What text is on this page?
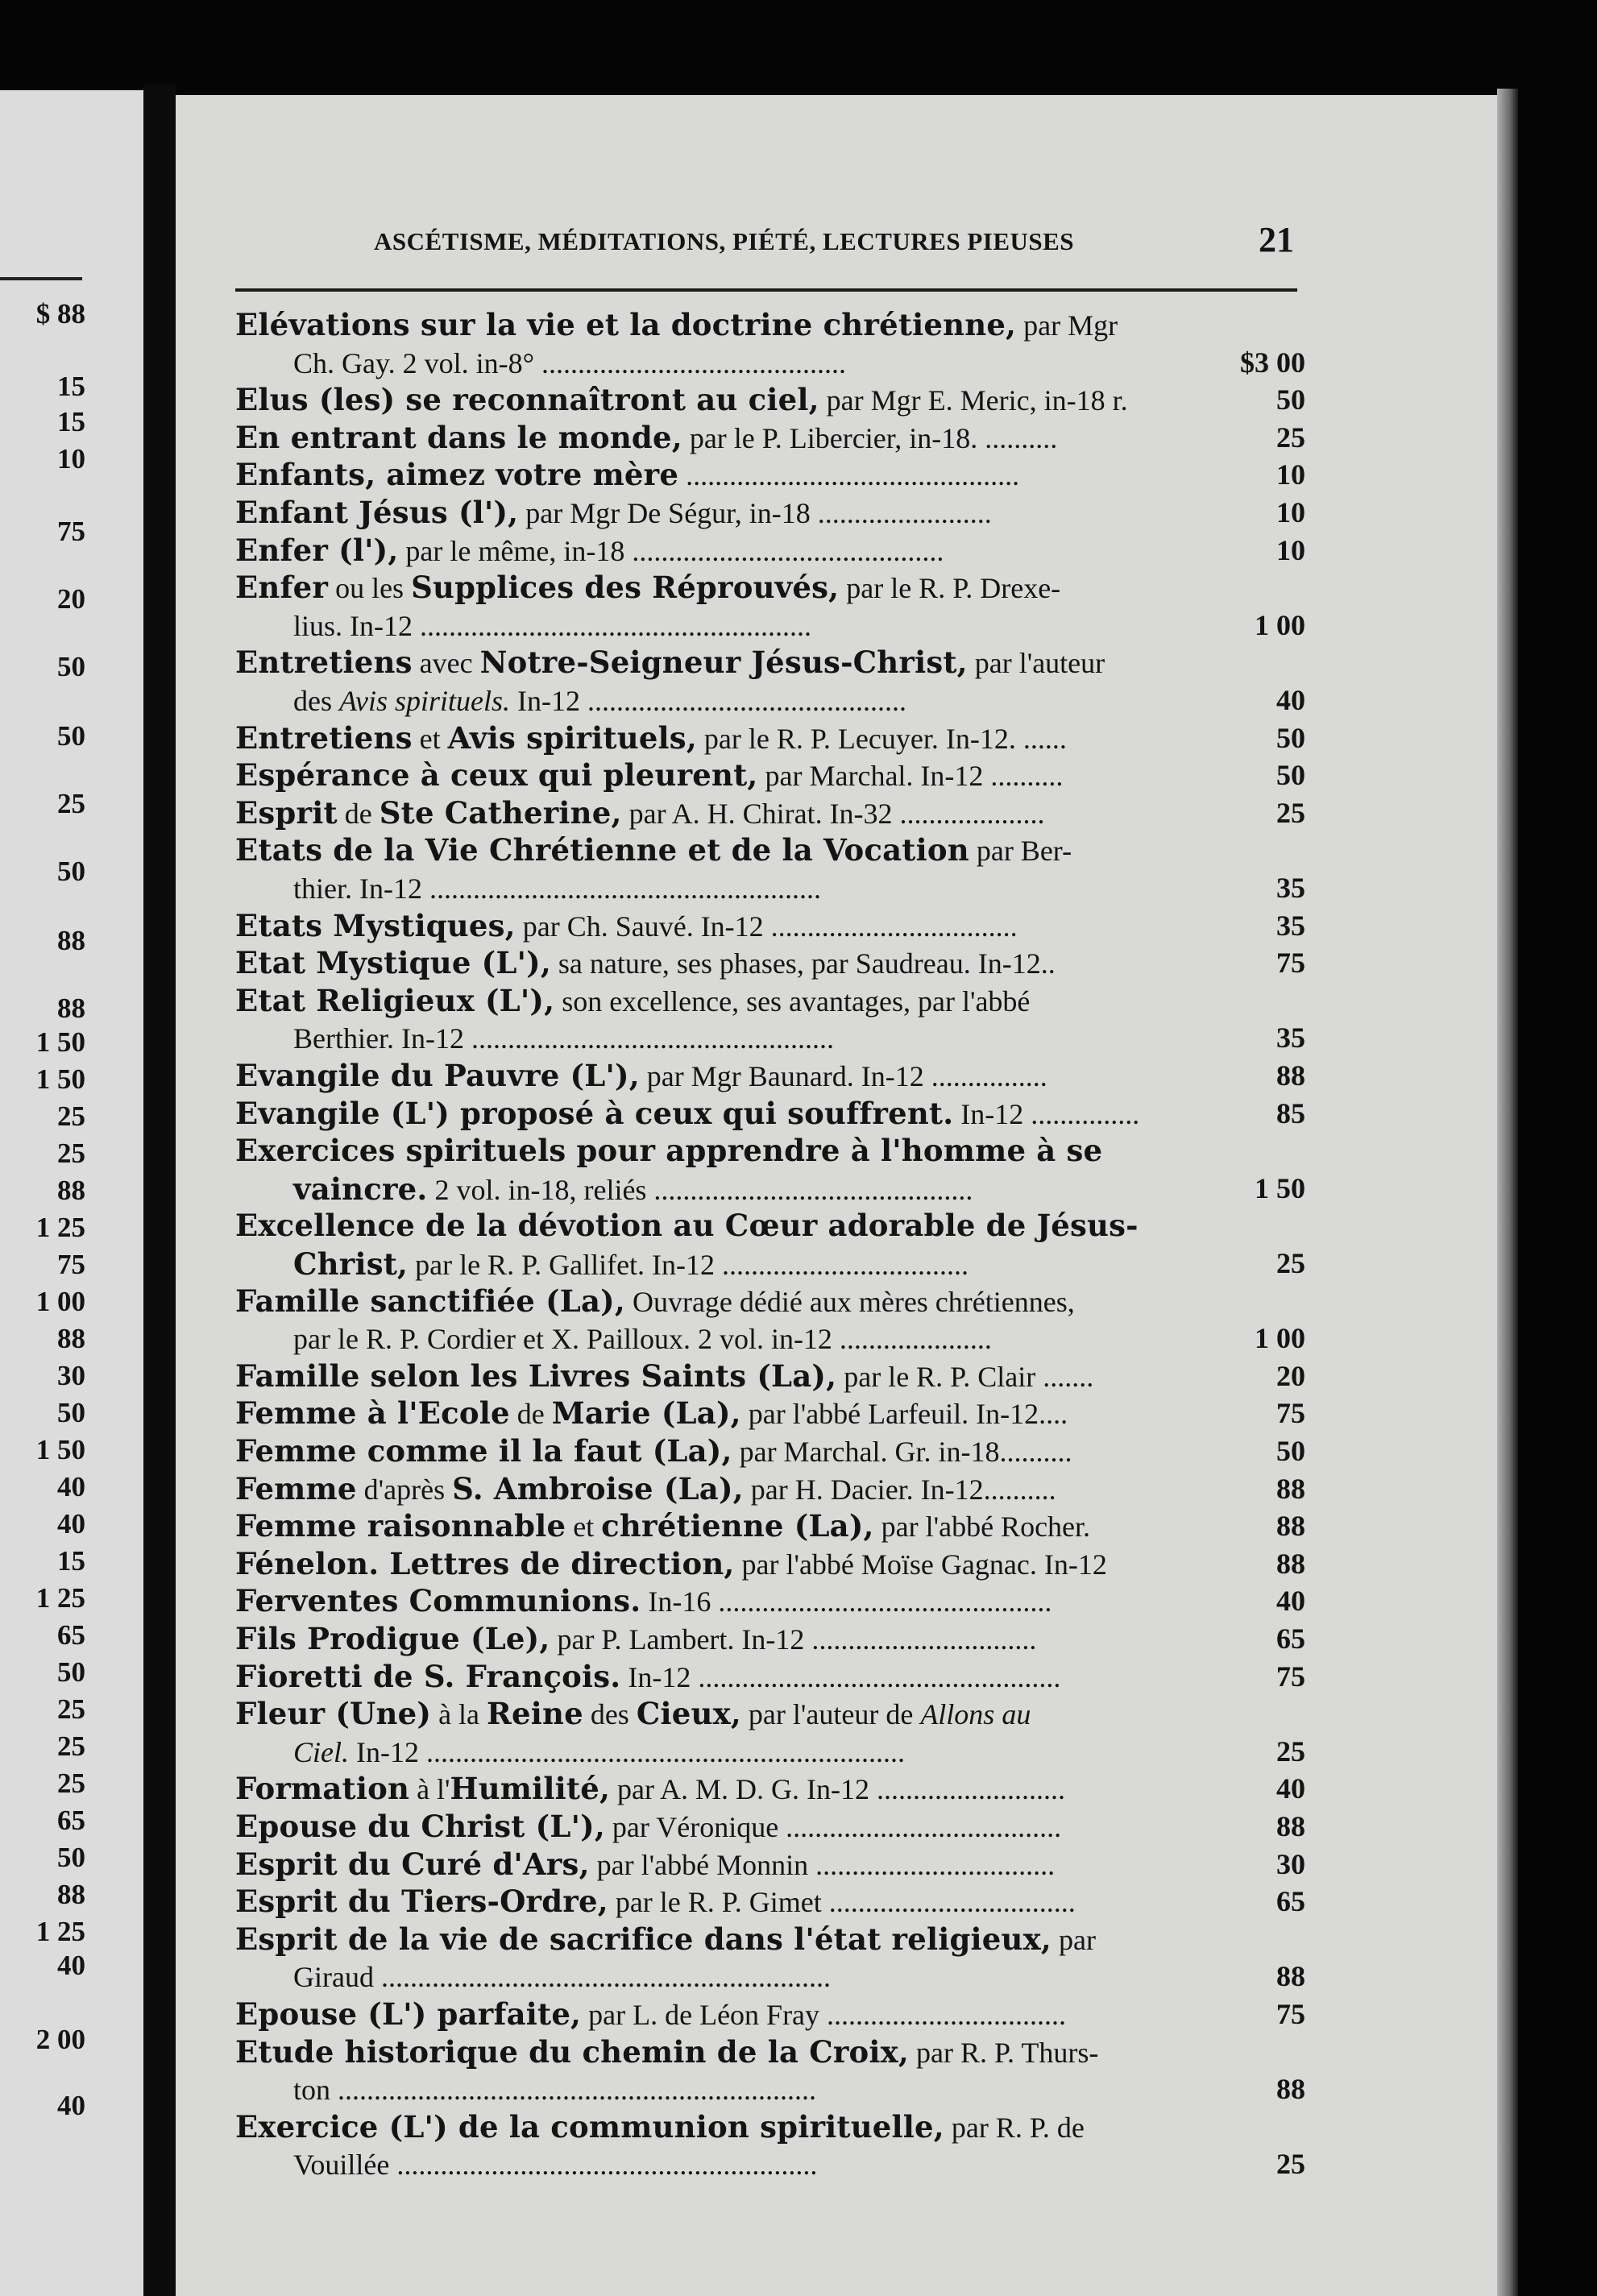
$ 88
15
15
10
75
20
50
50
25
50
88
88
1 50
1 50
25
25
88
1 25
75
1 00
88
30
50
1 50
40
40
15
1 25
65
50
25
25
25
65
50
88
1 25
40
2 00
40
ASCÉTISME, MÉDITATIONS, PIÉTÉ, LECTURES PIEUSES	21
Elévations sur la vie et la doctrine chrétienne, par Mgr
Ch. Gay. 2 vol. in-8° ..........................................	$3 00
Elus (les) se reconnaîtront au ciel, par Mgr E. Meric, in-18 r.	50
En entrant dans le monde, par le P. Libercier, in-18. ..........	25
Enfants, aimez votre mère ..............................................	10
Enfant Jésus (l'), par Mgr De Ségur, in-18 ........................	10
Enfer (l'), par le même, in-18 ...........................................	10
Enfer ou les Supplices des Réprouvés, par le R. P. Drexe-
lius. In-12 ......................................................	1 00
Entretiens avec Notre-Seigneur Jésus-Christ, par l'auteur
des Avis spirituels. In-12 ............................................	40
Entretiens et Avis spirituels, par le R. P. Lecuyer. In-12. ......	50
Espérance à ceux qui pleurent, par Marchal. In-12 ..........	50
Esprit de Ste Catherine, par A. H. Chirat. In-32 ....................	25
Etats de la Vie Chrétienne et de la Vocation par Ber-
thier. In-12 ......................................................	35
Etats Mystiques, par Ch. Sauvé. In-12 ..................................	35
Etat Mystique (L'), sa nature, ses phases, par Saudreau. In-12..	75
Etat Religieux (L'), son excellence, ses avantages, par l'abbé
Berthier. In-12 ..................................................	35
Evangile du Pauvre (L'), par Mgr Baunard. In-12 ................	88
Evangile (L') proposé à ceux qui souffrent. In-12 ...............	85
Exercices spirituels pour apprendre à l'homme à se
vaincre. 2 vol. in-18, reliés ............................................	1 50
Excellence de la dévotion au Cœur adorable de Jésus-
Christ, par le R. P. Gallifet. In-12 ..................................	25
Famille sanctifiée (La), Ouvrage dédié aux mères chrétiennes,
par le R. P. Cordier et X. Pailloux. 2 vol. in-12 .....................	1 00
Famille selon les Livres Saints (La), par le R. P. Clair .......	20
Femme à l'Ecole de Marie (La), par l'abbé Larfeuil. In-12....	75
Femme comme il la faut (La), par Marchal. Gr. in-18..........	50
Femme d'après S. Ambroise (La), par H. Dacier. In-12..........	88
Femme raisonnable et chrétienne (La), par l'abbé Rocher.	88
Fénelon. Lettres de direction, par l'abbé Moïse Gagnac. In-12	88
Ferventes Communions. In-16 ..............................................	40
Fils Prodigue (Le), par P. Lambert. In-12 ...............................	65
Fioretti de S. François. In-12 ..................................................	75
Fleur (Une) à la Reine des Cieux, par l'auteur de Allons au
Ciel. In-12 ..................................................................	25
Formation à l'Humilité, par A. M. D. G. In-12 ..........................	40
Epouse du Christ (L'), par Véronique ......................................	88
Esprit du Curé d'Ars, par l'abbé Monnin .................................	30
Esprit du Tiers-Ordre, par le R. P. Gimet ..................................	65
Esprit de la vie de sacrifice dans l'état religieux, par
Giraud ..............................................................	88
Epouse (L') parfaite, par L. de Léon Fray .................................	75
Etude historique du chemin de la Croix, par R. P. Thurs-
ton ..................................................................	88
Exercice (L') de la communion spirituelle, par R. P. de
Vouillée ..........................................................	25
